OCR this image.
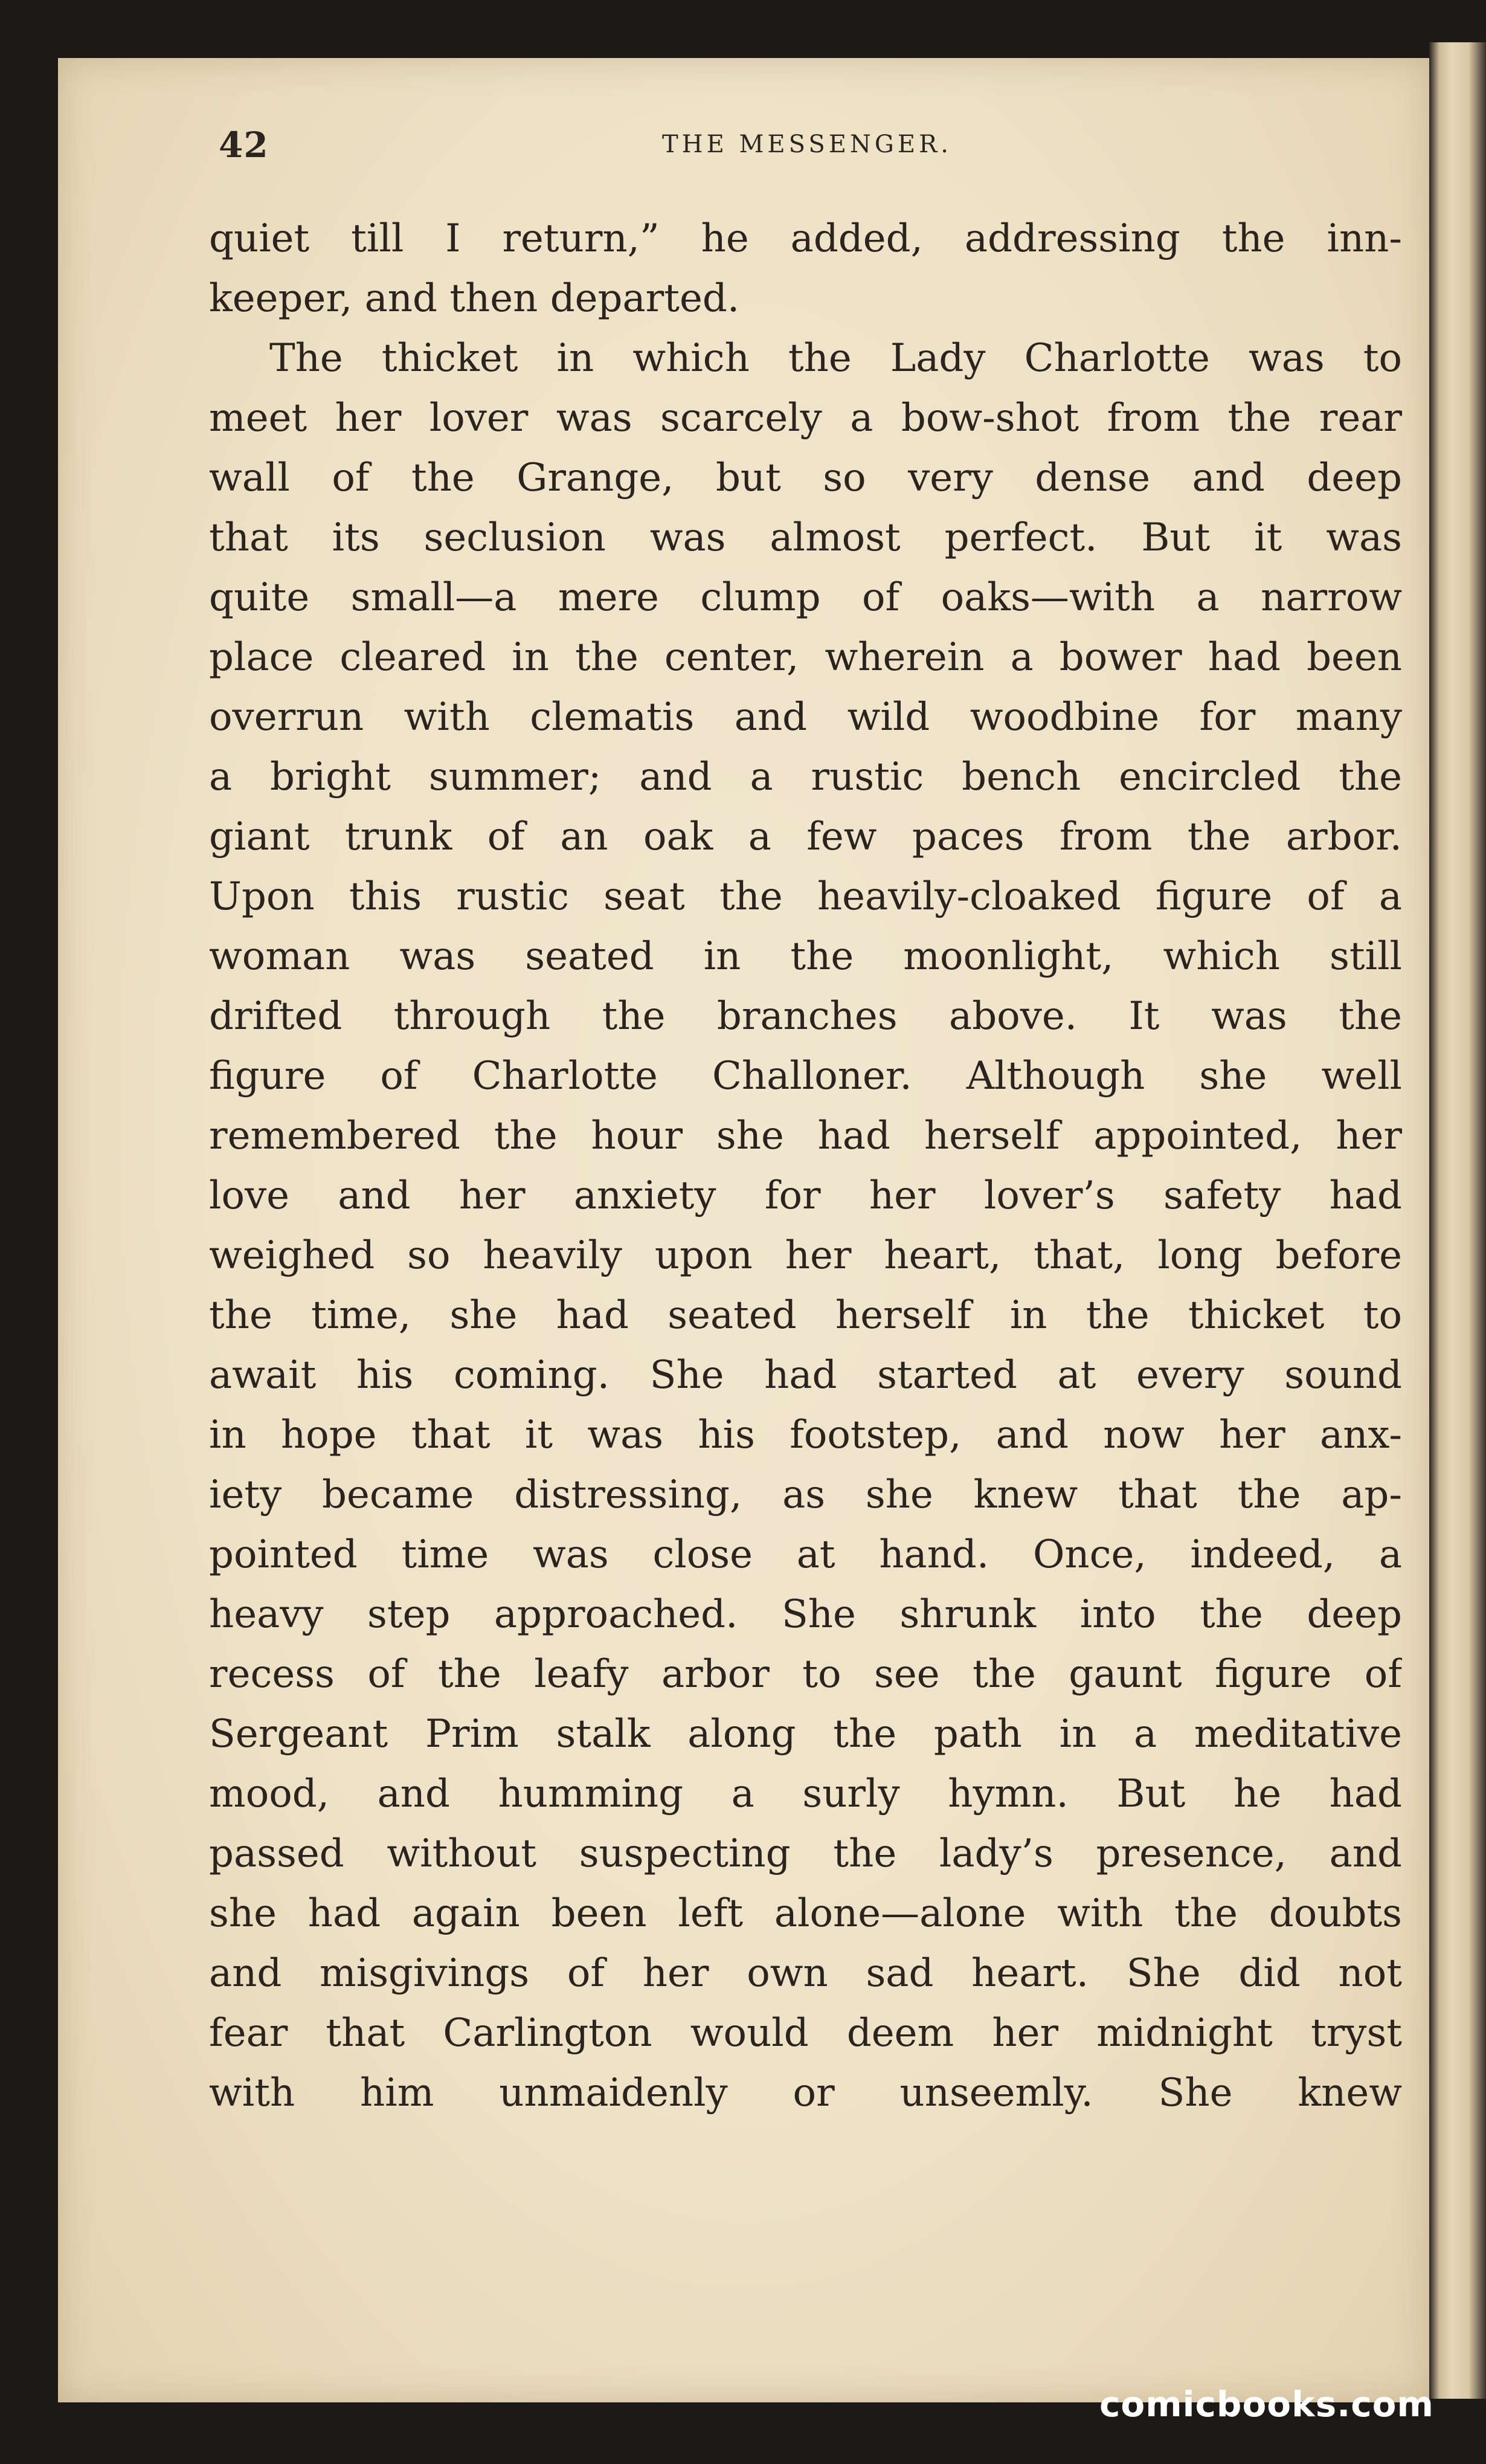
42	THE MESSENGER.
quiet till I return,” he added, addressing the inn-
keeper, and then departed.
The thicket in which the Lady Charlotte was to
meet her lover was scarcely a bow-shot from the rear
wall of the Grange, but so very dense and deep
that its seclusion was almost perfect. But it was
quite small—a mere clump of oaks—with a narrow
place cleared in the center, wherein a bower had been
overrun with clematis and wild woodbine for many
a bright summer; and a rustic bench encircled the
giant trunk of an oak a few paces from the arbor.
Upon this rustic seat the heavily-cloaked figure of a
woman was seated in the moonlight, which still
drifted through the branches above. It was the
figure of Charlotte Challoner. Although she well
remembered the hour she had herself appointed, her
love and her anxiety for her lover’s safety had
weighed so heavily upon her heart, that, long before
the time, she had seated herself in the thicket to
await his coming. She had started at every sound
in hope that it was his footstep, and now her anx-
iety became distressing, as she knew that the ap-
pointed time was close at hand. Once, indeed, a
heavy step approached. She shrunk into the deep
recess of the leafy arbor to see the gaunt figure of
Sergeant Prim stalk along the path in a meditative
mood, and humming a surly hymn. But he had
passed without suspecting the lady’s presence, and
she had again been left alone—alone with the doubts
and misgivings of her own sad heart. She did not
fear that Carlington would deem her midnight tryst
with him unmaidenly or unseemly. She knew
comicbooks.com
